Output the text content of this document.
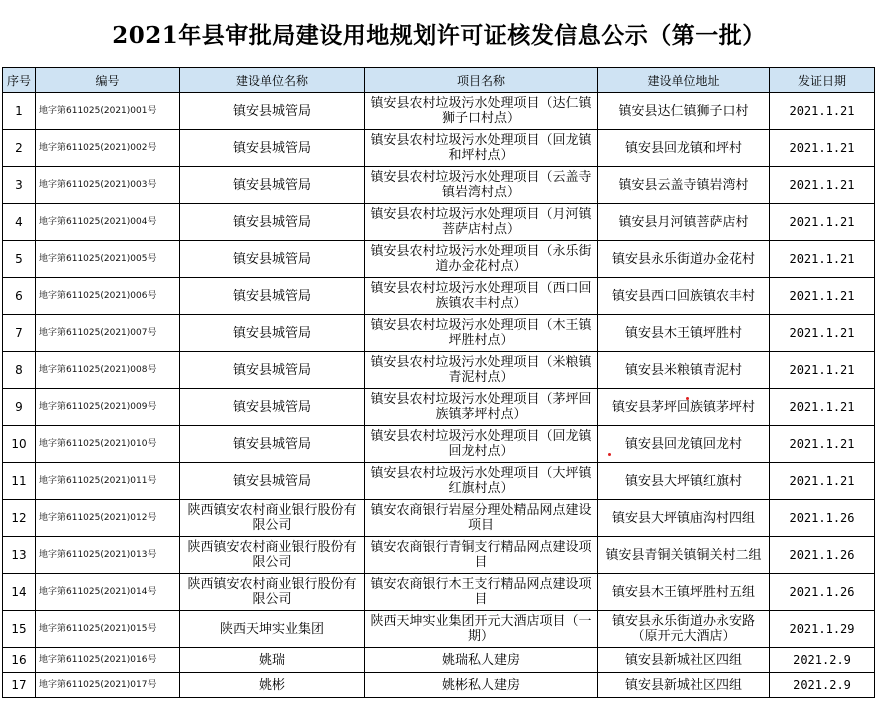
2021年县审批局建设用地规划许可证核发信息公示（第一批）
序号	编号	建设单位名称	项目名称	建设单位地址	发证日期
1	地字第611025(2021)001号	镇安县城管局	镇安县农村垃圾污水处理项目（达仁镇狮子口村点）	镇安县达仁镇狮子口村	2021.1.21
2	地字第611025(2021)002号	镇安县城管局	镇安县农村垃圾污水处理项目（回龙镇和坪村点）	镇安县回龙镇和坪村	2021.1.21
3	地字第611025(2021)003号	镇安县城管局	镇安县农村垃圾污水处理项目（云盖寺镇岩湾村点）	镇安县云盖寺镇岩湾村	2021.1.21
4	地字第611025(2021)004号	镇安县城管局	镇安县农村垃圾污水处理项目（月河镇菩萨店村点）	镇安县月河镇菩萨店村	2021.1.21
5	地字第611025(2021)005号	镇安县城管局	镇安县农村垃圾污水处理项目（永乐街道办金花村点）	镇安县永乐街道办金花村	2021.1.21
6	地字第611025(2021)006号	镇安县城管局	镇安县农村垃圾污水处理项目（西口回族镇农丰村点）	镇安县西口回族镇农丰村	2021.1.21
7	地字第611025(2021)007号	镇安县城管局	镇安县农村垃圾污水处理项目（木王镇坪胜村点）	镇安县木王镇坪胜村	2021.1.21
8	地字第611025(2021)008号	镇安县城管局	镇安县农村垃圾污水处理项目（米粮镇青泥村点）	镇安县米粮镇青泥村	2021.1.21
9	地字第611025(2021)009号	镇安县城管局	镇安县农村垃圾污水处理项目（茅坪回族镇茅坪村点）	镇安县茅坪回族镇茅坪村	2021.1.21
10	地字第611025(2021)010号	镇安县城管局	镇安县农村垃圾污水处理项目（回龙镇回龙村点）	镇安县回龙镇回龙村	2021.1.21
11	地字第611025(2021)011号	镇安县城管局	镇安县农村垃圾污水处理项目（大坪镇红旗村点）	镇安县大坪镇红旗村	2021.1.21
12	地字第611025(2021)012号	陕西镇安农村商业银行股份有限公司	镇安农商银行岩屋分理处精品网点建设项目	镇安县大坪镇庙沟村四组	2021.1.26
13	地字第611025(2021)013号	陕西镇安农村商业银行股份有限公司	镇安农商银行青铜支行精品网点建设项目	镇安县青铜关镇铜关村二组	2021.1.26
14	地字第611025(2021)014号	陕西镇安农村商业银行股份有限公司	镇安农商银行木王支行精品网点建设项目	镇安县木王镇坪胜村五组	2021.1.26
15	地字第611025(2021)015号	陕西天坤实业集团	陕西天坤实业集团开元大酒店项目（一期）	镇安县永乐街道办永安路（原开元大酒店）	2021.1.29
16	地字第611025(2021)016号	姚瑞	姚瑞私人建房	镇安县新城社区四组	2021.2.9
17	地字第611025(2021)017号	姚彬	姚彬私人建房	镇安县新城社区四组	2021.2.9
